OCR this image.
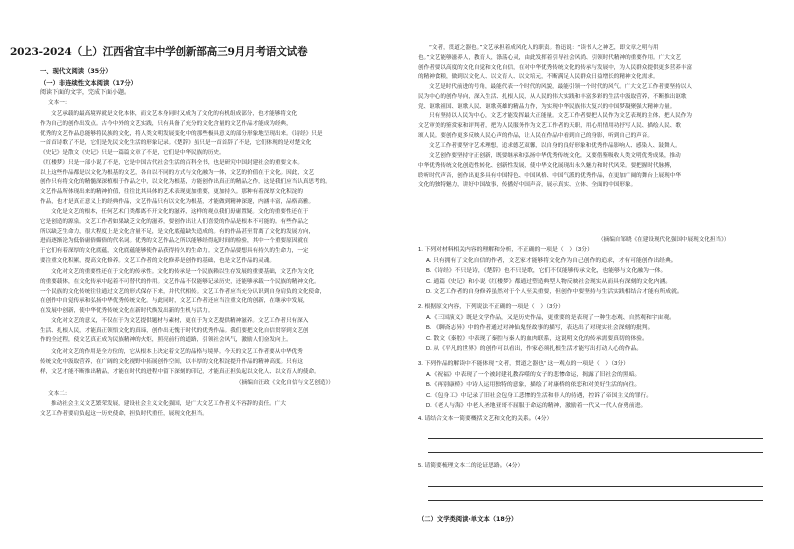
2023-2024（上）江西省宜丰中学创新部高三9月月考语文试卷
一、现代文阅读（35分）
（一）非连续性文本阅读（17分）
阅读下面的文字，完成下面小题。
文本一：
文艺承载的最高境界就是文化本体，而文艺本身同时又成为了文化的有机组成部分，也才能够将文化
作为自己的创作出发点。古今中外的文艺实践，只有具备了充分的文化含量的文艺作品才能成为经典，
优秀的文艺作品总能够将民族的文化，将人类文明发展变化中的那些极具意义的部分形象地呈现出来。《诗经》只是
一首首诗歌了不是，它们是先民文化生活的形象记录。《楚辞》虽只是一首首辞了不是，它们体现的是对楚文化
《史记》是散文《史记》只是一篇篇文章了不是，它们是中华民族的历史。
《红楼梦》只是一部小说了不是，它是中国古代社会生活的百科全书，也是研究中国封建社会的重要文本。
以上这些作品都是以文化为根基的文艺，各自以不同的方式与文化融为一体，文艺的价值在于文化。因此，文艺
创作只有将文化的精髓深深植根于作品之中，以文化为根基，方能创作出真正的精品之作，这是我们应当认真思考的。
文艺作品所体现出来的精神价值，往往比其具体的艺术表现更加重要，更加持久。那种有着深厚文化积淀的
作品，也才是真正意义上的经典作品，文艺作品只有以文化为根基，才能做到精神深邃，内涵丰富，品格高雅。
文化是文艺的根本，任何艺术门类都离不开文化的滋养，这样的观点我们毋庸置疑。文化的重要性还在于
它是创造的源泉。文艺工作者如果缺乏文化的滋养，要创作出让人们喜爱的作品是根本不可能的。有些作品之
所以缺乏生命力，很大程度上是文化含量不足，是文化底蕴缺失造成的。有的作品甚至背离了文化的发展方向，
进而逐渐沦为低俗庸俗媚俗的代名词。优秀的文艺作品之所以能够经得起时间的检验，其中一个重要原因就在
于它们有着深厚的文化底蕴，文化底蕴能够使作品获得持久的生命力。文艺作品要想具有持久的生命力，一定
要注重文化积累，提高文化修养。文艺工作者的文化修养是创作的基础，也是文艺作品的灵魂。
文化对文艺的重要性还在于文化的传承性。文化的传承是一个民族赖以生存发展的重要基础，文艺作为文化
的重要载体，在文化传承中起着不可替代的作用。文艺作品不仅能够记录历史，还能够承载一个民族的精神文化。
一个民族的文化传统往往通过文艺的形式保存下来，并代代相传。文艺工作者应当充分认识到自身肩负的文化使命，
在创作中自觉传承和弘扬中华优秀传统文化。与此同时，文艺工作者还应当注重文化的创新，在继承中发展，
在发展中创新，使中华优秀传统文化在新时代焕发出新的生机与活力。
文化对文艺的意义，不仅在于为文艺提供题材与素材，更在于为文艺提供精神滋养。文艺工作者只有深入
生活、扎根人民，才能真正领悟文化的真谛，创作出无愧于时代的优秀作品。我们要把文化自信贯穿到文艺创
作的全过程，使文艺真正成为民族精神的火炬，照亮前行的道路，引领社会风气，激励人们奋发向上。
文化对文艺的作用是全方位的，它从根本上决定着文艺的品格与境界。今天的文艺工作者要从中华优秀
传统文化中汲取营养，在广阔的文化视野中拓展创作空间，以丰厚的文化积淀提升作品的精神高度。只有这
样，文艺才能不断推出精品，才能在时代的进程中留下深刻的印记，才能真正担负起以文化人、以文育人的使命。
（摘编自汪政《文化自信与文艺创造》）
文本二：
推动社会主义文艺繁荣发展，建设社会主义文化强国，是广大文艺工作者义不容辞的责任。广大
文艺工作者要肩负起这一历史使命，担负时代重任，展现文化担当。
“文者，贯道之器也。”文艺承担着成风化人的职责。鲁迅说：“读书人之神艺，即文章之明与用
也。”文艺能够滋养人，教育人，涤荡心灵，由此发挥着引导社会风尚、引领时代精神的重要作用。广大文艺
创作者要以高度的文化自觉和文化自信，在对中华优秀传统文化的传承与发展中，为人民群众提供更多营养丰富
的精神食粮，做到以文化人、以文育人、以文培元，不断满足人民群众日益增长的精神文化需求。
文艺是时代前进的号角，最能代表一个时代的风貌，最能引领一个时代的风气。广大文艺工作者要坚持以人
民为中心的创作导向，深入生活、扎根人民，从人民的伟大实践和丰富多彩的生活中汲取营养，不断推出讴歌
党、讴歌祖国、讴歌人民、讴歌英雄的精品力作，为实现中华民族伟大复兴的中国梦凝聚强大精神力量。
只有坚持以人民为中心，文艺才能发挥最大正能量。文艺工作者要把人民作为文艺表现的主体，把人民作为
文艺审美的鉴赏家和评判者，把为人民服务作为文艺工作者的天职，用心用情用功抒写人民、描绘人民、歌
颂人民。要创作更多反映人民心声的作品，让人民在作品中看到自己的身影，听到自己的声音。
文艺工作者要坚守艺术理想，追求德艺双馨，以自身的良好形象和优秀作品影响人、感染人、鼓舞人。
文艺创作要坚持守正创新，既要继承和弘扬中华优秀传统文化，又要借鉴吸收人类文明优秀成果，推动
中华优秀传统文化创造性转化、创新性发展，使中华文化展现出永久魅力和时代风采。要把握时代脉搏，
聆听时代声音，创作出更多具有中国特色、中国风格、中国气派的优秀作品，在更加广阔的舞台上展现中华
文化的独特魅力，讲好中国故事，传播好中国声音，展示真实、立体、全面的中国形象。
（摘编自邹晓《在建设现代化强国中展现文化担当》）
1. 下列对材料相关内容的理解和分析，不正确的一项是（　）（3分）
A. 只有拥有了文化自信的作者，文艺家才能够将文化作为自己创作的追求，才有可能创作出经典。
B.《诗经》不只是诗，《楚辞》也不只是歌，它们不仅能够传承文化，也能够与文化融为一体。
C. 通篇《史记》和小说《红楼梦》都通过塑造典型人物反映社会现实从而具有深刻的文化内涵。
D. 文艺工作者的自身修养虽然对于个人至关重要，但创作中要坚持与生活实践相结合才能有所成就。
2. 根据原文内容，下列说法不正确的一项是（　）（3分）
A.《三国演义》既是文学作品，又是历史作品，更重要的是表现了一种生态观、自然观和宇宙观。
B. 《聊斋志异》中的作者通过对神仙鬼怪故事的描写，表达出了对现实社会深刻的批判。
C. 散文《秦腔》中表现了秦腔与秦人的血肉联系，这说明文化的传承需要真切的体验。
D. 从《平凡的世界》的创作可以看出，作家必须扎根生活才能写出打动人心的作品。
3. 下列作品的解读中不能体现 “文者，贯道之器也” 这一观点的一项是（　）（3分）
A.《祝福》中表现了一个被封建礼教吞噬的女子的悲惨命运，揭露了旧社会的黑暗。
B.《再别康桥》中诗人运用独特的意象，描绘了对康桥的依恋和对美好生活的向往。
C.《包身工》中记录了旧社会包身工悲惨的生活和非人的待遇，控诉了帝国主义的罪行。
D.《老人与海》中老人圣地亚哥不屈服于命运的精神，激励着一代又一代人奋勇前进。
4. 请结合文本一简要概括文艺和文化的关系。（4分）
5. 请简要梳理文本二的论证思路。（4分）
（二）文学类阅读·单文本（18分）
